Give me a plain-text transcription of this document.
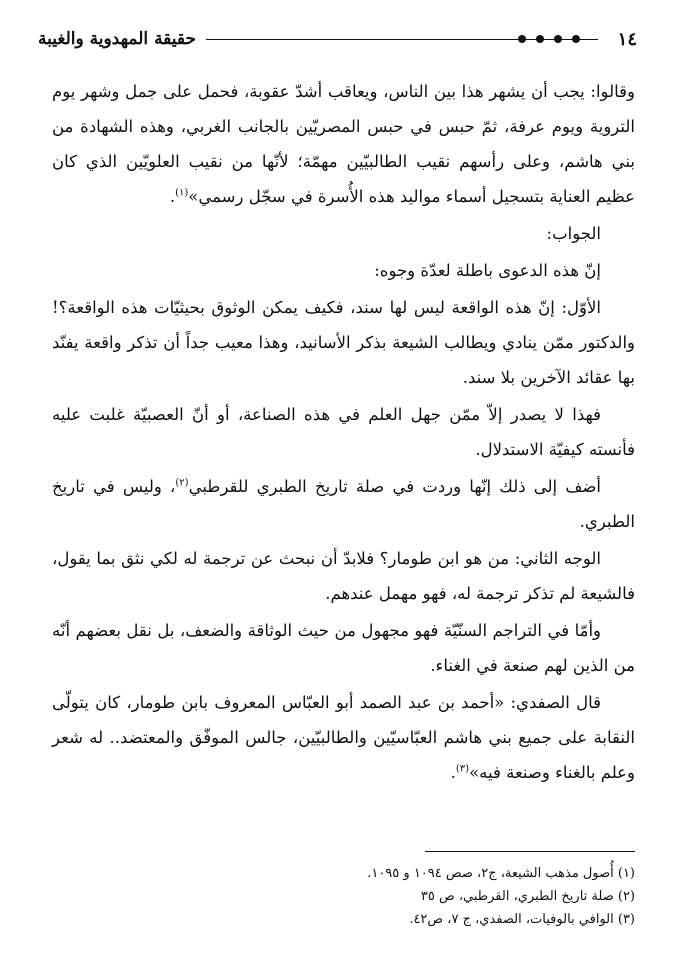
١٤
حقيقة المهدوية والغيبة

وقالوا: يجب أن يشهر هذا بين الناس، ويعاقب أشدّ عقوبة، فحمل على جمل وشهر يوم التروية ويوم عرفة، ثمّ حبس في حبس المصريّين بالجانب الغربي، وهذه الشهادة من بني هاشم، وعلى رأسهم نقيب الطالبيّين مهمّة؛ لأنّها من نقيب العلويّين الذي كان عظيم العناية بتسجيل أسماء مواليد هذه الأُسرة في سجّل رسمي»$^{(١)}$.

الجواب:

إنّ هذه الدعوى باطلة لعدّة وجوه:

الأوّل: إنّ هذه الواقعة ليس لها سند، فكيف يمكن الوثوق بحيثيّات هذه الواقعة؟! والدكتور ممّن ينادي ويطالب الشيعة بذكر الأسانيد، وهذا معيب جداً أن تذكر واقعة يفنّد بها عقائد الآخرين بلا سند.

فهذا لا يصدر إلاّ ممّن جهل العلم في هذه الصناعة، أو أنّ العصبيّة غلبت عليه فأنسته كيفيّة الاستدلال.

أضف إلى ذلك إنّها وردت في صلة تاريخ الطبري للقرطبي$^{(٢)}$، وليس في تاريخ الطبري.

الوجه الثاني: من هو ابن طومار؟ فلابدّ أن نبحث عن ترجمة له لكي نثق بما يقول، فالشيعة لم تذكر ترجمة له، فهو مهمل عندهم.

وأمّا في التراجم السنّيّة فهو مجهول من حيث الوثاقة والضعف، بل نقل بعضهم أنّه من الذين لهم صنعة في الغناء.

قال الصفدي: «أحمد بن عبد الصمد أبو العبّاس المعروف بابن طومار، كان يتولّى النقابة على جميع بني هاشم العبّاسيّين والطالبيّين، جالس الموفّق والمعتضد.. له شعر وعلم بالغناء وصنعة فيه»$^{(٣)}$.

(١) أُصول مذهب الشيعة، ج٢، صص ١٠٩٤ و ١٠٩٥.
(٢) صلة تاريخ الطبري، القرطبي، ص ٣٥
(٣) الوافي بالوفيات، الصفدي، ج ٧، ص٤٢.
